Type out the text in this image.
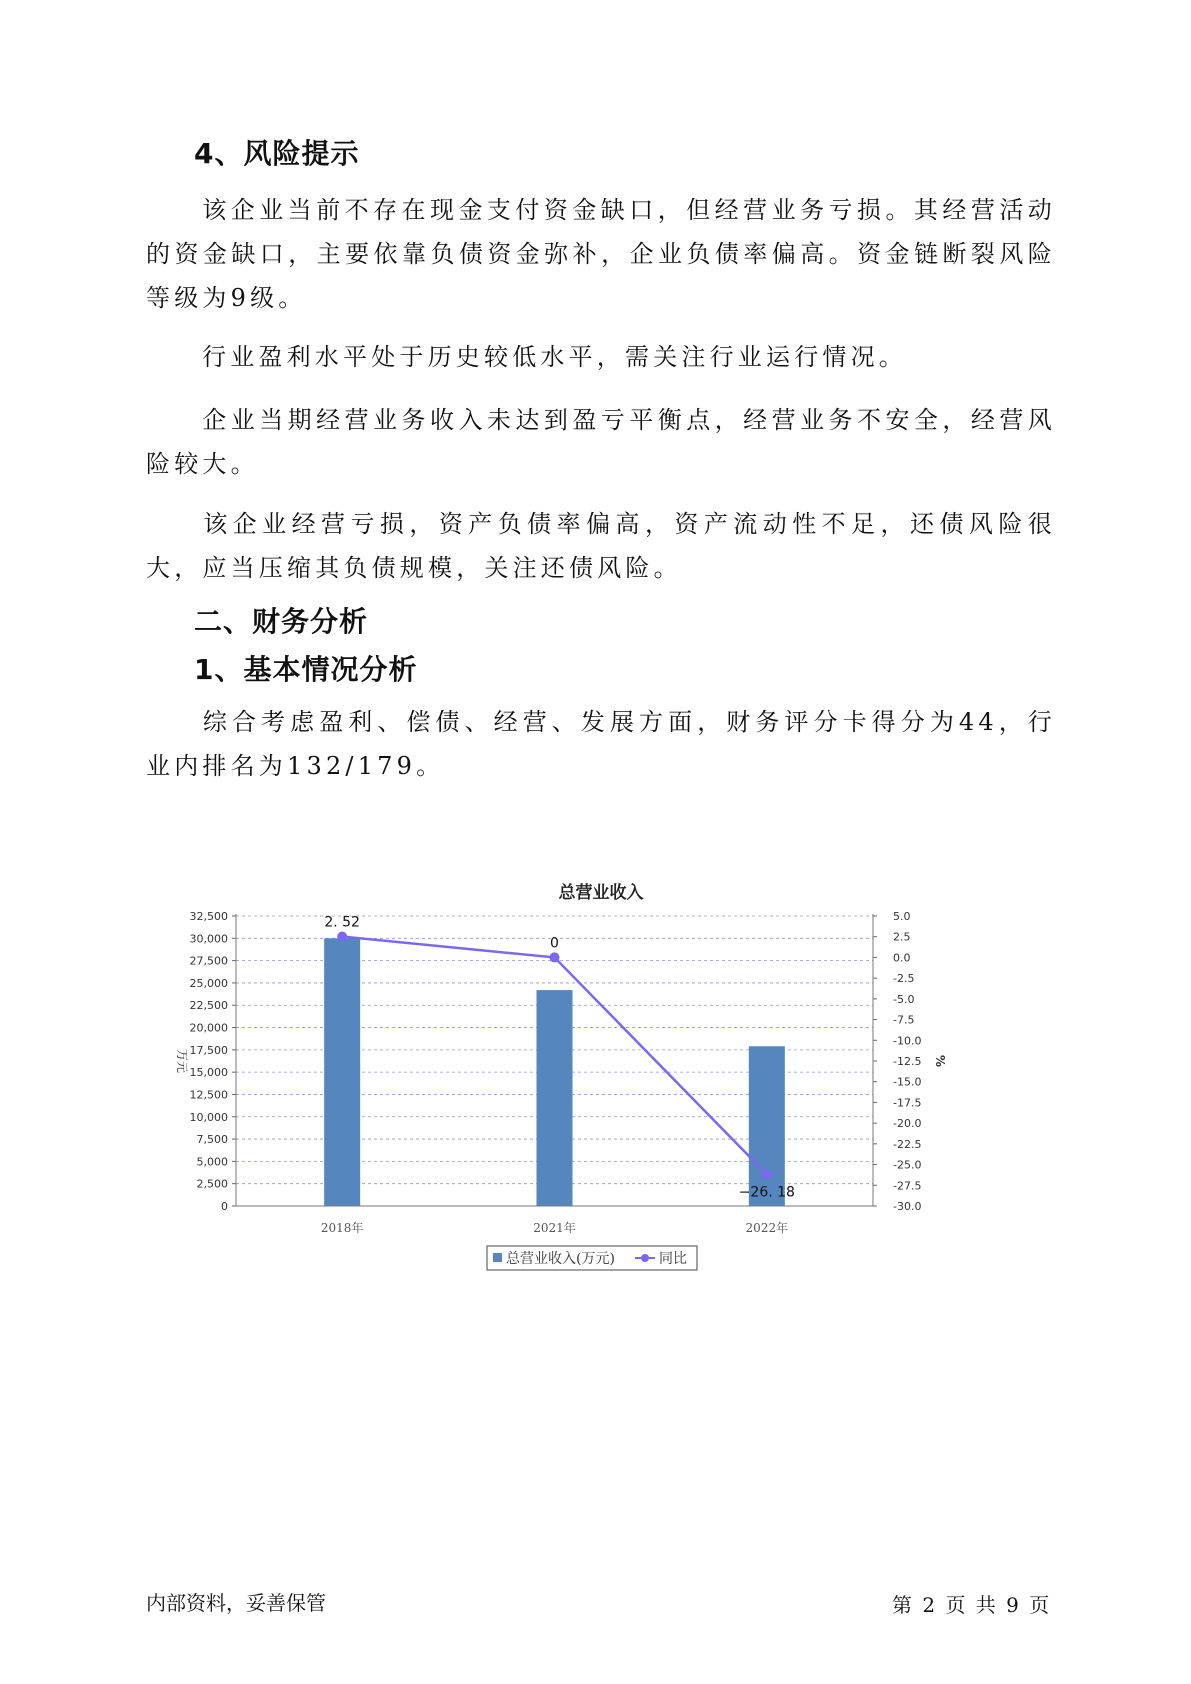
4、风险提示

该企业当前不存在现金支付资金缺口，但经营业务亏损。其经营活动的资金缺口，主要依靠负债资金弥补，企业负债率偏高。资金链断裂风险等级为9级。

行业盈利水平处于历史较低水平，需关注行业运行情况。

企业当期经营业务收入未达到盈亏平衡点，经营业务不安全，经营风险较大。

该企业经营亏损，资产负债率偏高，资产流动性不足，还债风险很大，应当压缩其负债规模，关注还债风险。

二、财务分析
1、基本情况分析

综合考虑盈利、偿债、经营、发展方面，财务评分卡得分为44，行业内排名为132/179。

总营业收入
2. 52
0
−26. 18
0
2,500
5,000
7,500
10,000
12,500
15,000
17,500
20,000
22,500
25,000
27,500
30,000
32,500
-30.0
-27.5
-25.0
-22.5
-20.0
-17.5
-15.0
-12.5
-10.0
-7.5
-5.0
-2.5
0.0
2.5
5.0
万元	%
2018年	2021年	2022年
总营业收入(万元)	同比
内部资料，妥善保管	第 2 页 共 9 页
